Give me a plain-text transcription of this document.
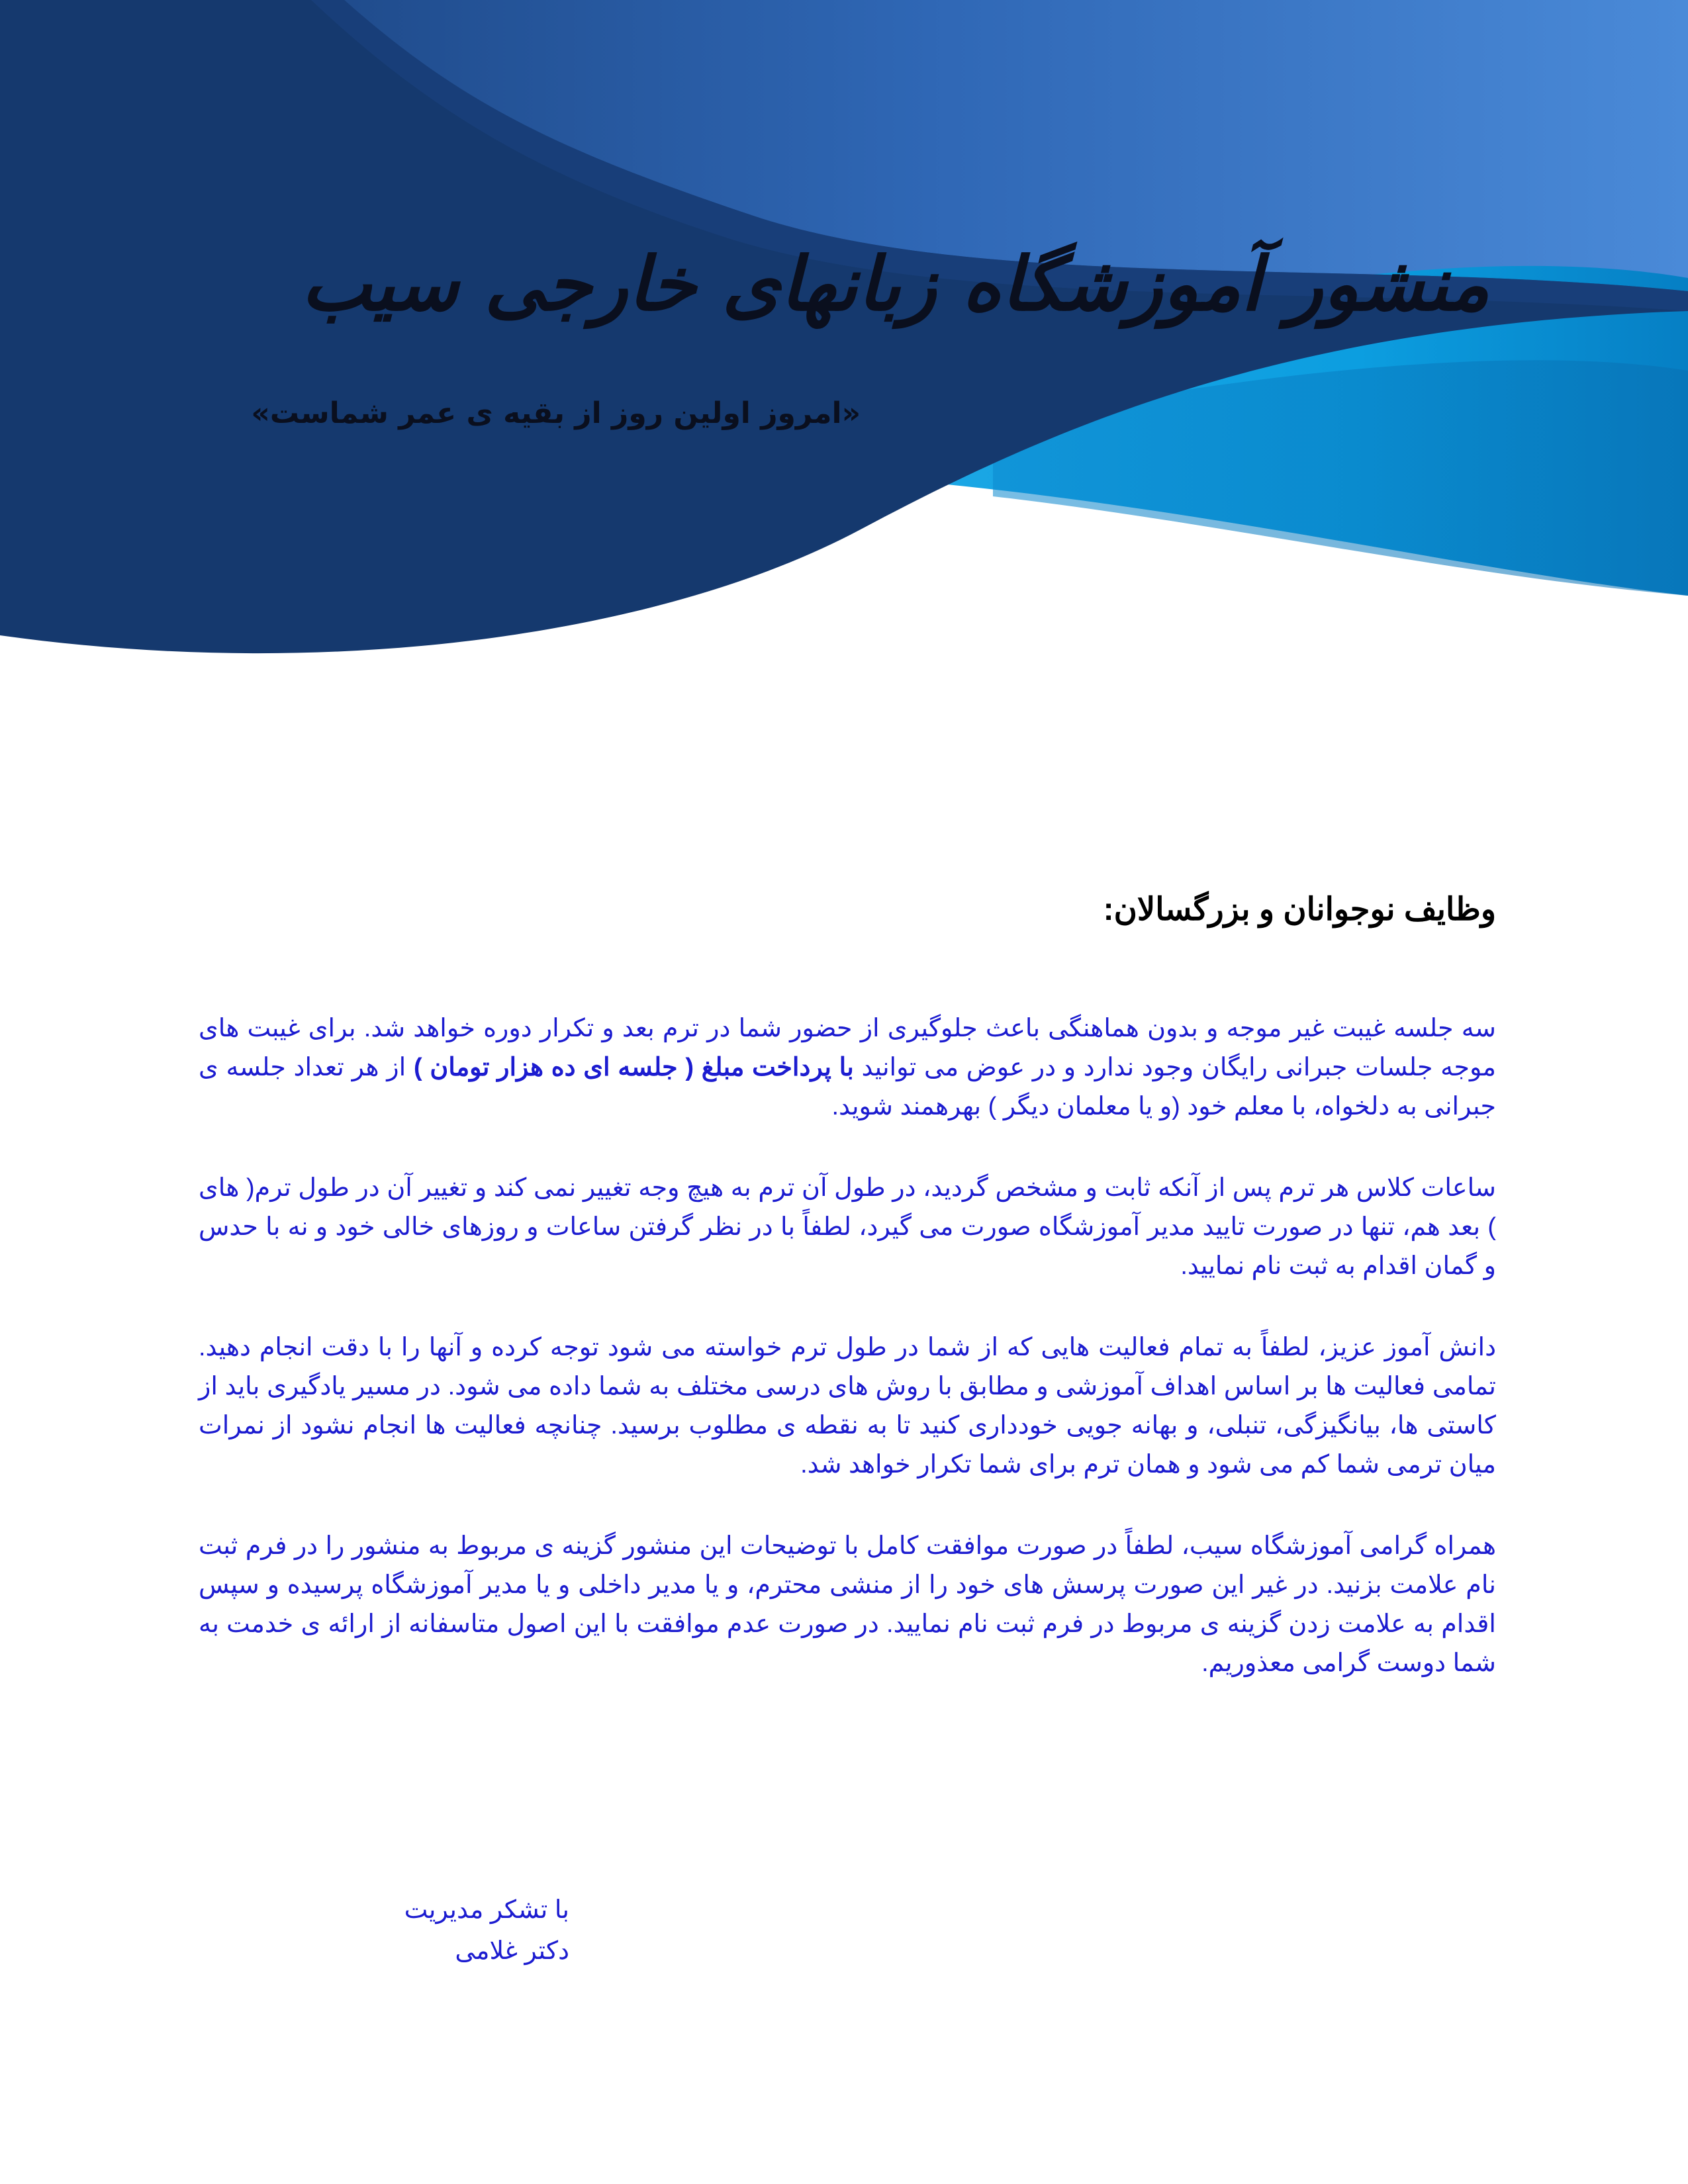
منشور آموزشگاه زبانهای خارجی سیب
«امروز اولین روز از بقیه ی عمر شماست»
وظایف نوجوانان و بزرگسالان:

سه جلسه غیبت غیر موجه و بدون هماهنگی باعث جلوگیری از حضور شما در ترم بعد و تکرار دوره خواهد شد. برای غیبت های موجه جلسات جبرانی رایگان وجود ندارد و در عوض می توانید با پرداخت مبلغ ( جلسه ای ده هزار تومان ) از هر تعداد جلسه ی جبرانی به دلخواه، با معلم خود (و یا معلمان دیگر ) بهرهمند شوید.

ساعات کلاس هر ترم پس از آنکه ثابت و مشخص گردید، در طول آن ترم به هیچ وجه تغییر نمی کند و تغییر آن در طول ترم( های ) بعد هم، تنها در صورت تایید مدیر آموزشگاه صورت می گیرد، لطفاً با در نظر گرفتن ساعات و روزهای خالی خود و نه با حدس و گمان اقدام به ثبت نام نمایید.

دانش آموز عزیز، لطفاً به تمام فعالیت هایی که از شما در طول ترم خواسته می شود توجه کرده و آنها را با دقت انجام دهید. تمامی فعالیت ها بر اساس اهداف آموزشی و مطابق با روش های درسی مختلف به شما داده می شود. در مسیر یادگیری باید از کاستی ها، بیانگیزگی، تنبلی، و بهانه جویی خودداری کنید تا به نقطه ی مطلوب برسید. چنانچه فعالیت ها انجام نشود از نمرات میان ترمی شما کم می شود و همان ترم برای شما تکرار خواهد شد.

همراه گرامی آموزشگاه سیب، لطفاً در صورت موافقت کامل با توضیحات این منشور گزینه ی مربوط به منشور را در فرم ثبت نام علامت بزنید. در غیر این صورت پرسش های خود را از منشی محترم، و یا مدیر داخلی و یا مدیر آموزشگاه پرسیده و سپس اقدام به علامت زدن گزینه ی مربوط در فرم ثبت نام نمایید. در صورت عدم موافقت با این اصول متاسفانه از ارائه ی خدمت به شما دوست گرامی معذوریم.

با تشکر مدیریت
دکتر غلامی
